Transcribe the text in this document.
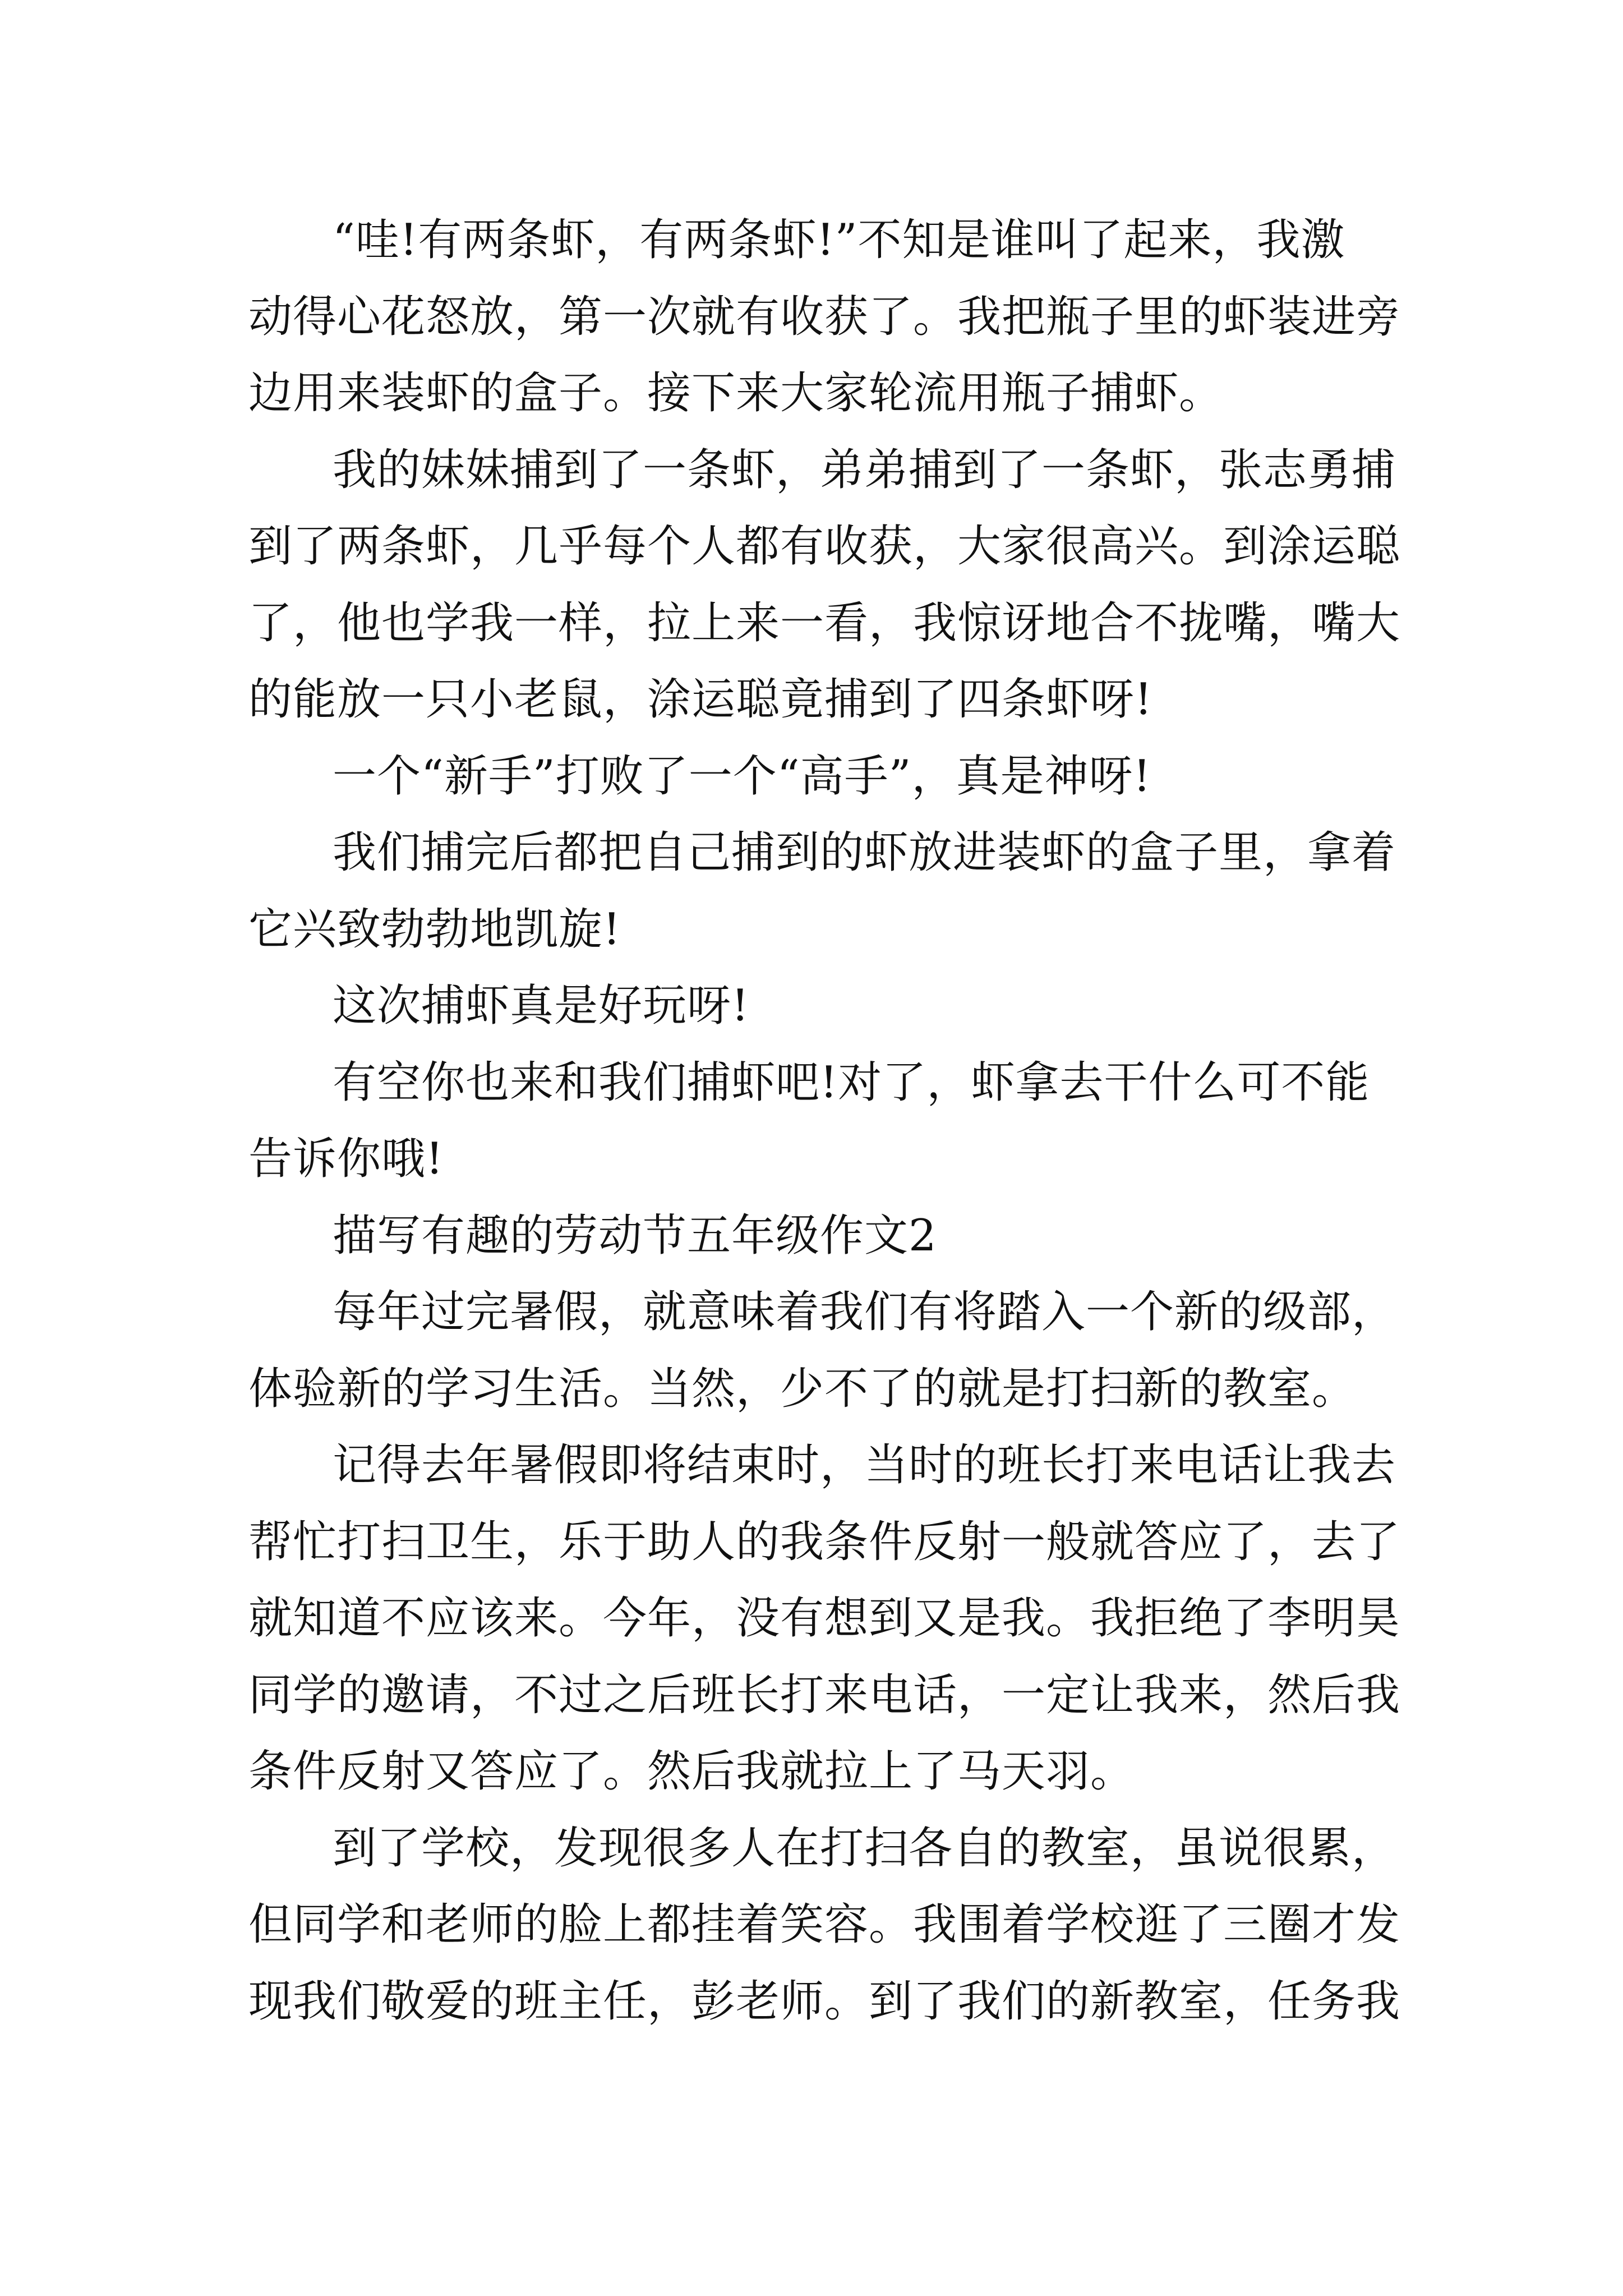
“哇!有两条虾，有两条虾!”不知是谁叫了起来，我激
动得心花怒放，第一次就有收获了。我把瓶子里的虾装进旁
边用来装虾的盒子。接下来大家轮流用瓶子捕虾。
我的妹妹捕到了一条虾，弟弟捕到了一条虾，张志勇捕
到了两条虾，几乎每个人都有收获，大家很高兴。到涂运聪
了，他也学我一样，拉上来一看，我惊讶地合不拢嘴，嘴大
的能放一只小老鼠，涂运聪竟捕到了四条虾呀!
一个“新手”打败了一个“高手”，真是神呀!
我们捕完后都把自己捕到的虾放进装虾的盒子里，拿着
它兴致勃勃地凯旋!
这次捕虾真是好玩呀!
有空你也来和我们捕虾吧!对了，虾拿去干什么可不能
告诉你哦!
描写有趣的劳动节五年级作文2
每年过完暑假，就意味着我们有将踏入一个新的级部，
体验新的学习生活。当然，少不了的就是打扫新的教室。
记得去年暑假即将结束时，当时的班长打来电话让我去
帮忙打扫卫生，乐于助人的我条件反射一般就答应了，去了
就知道不应该来。今年，没有想到又是我。我拒绝了李明昊
同学的邀请，不过之后班长打来电话，一定让我来，然后我
条件反射又答应了。然后我就拉上了马天羽。
到了学校，发现很多人在打扫各自的教室，虽说很累，
但同学和老师的脸上都挂着笑容。我围着学校逛了三圈才发
现我们敬爱的班主任，彭老师。到了我们的新教室，任务我
